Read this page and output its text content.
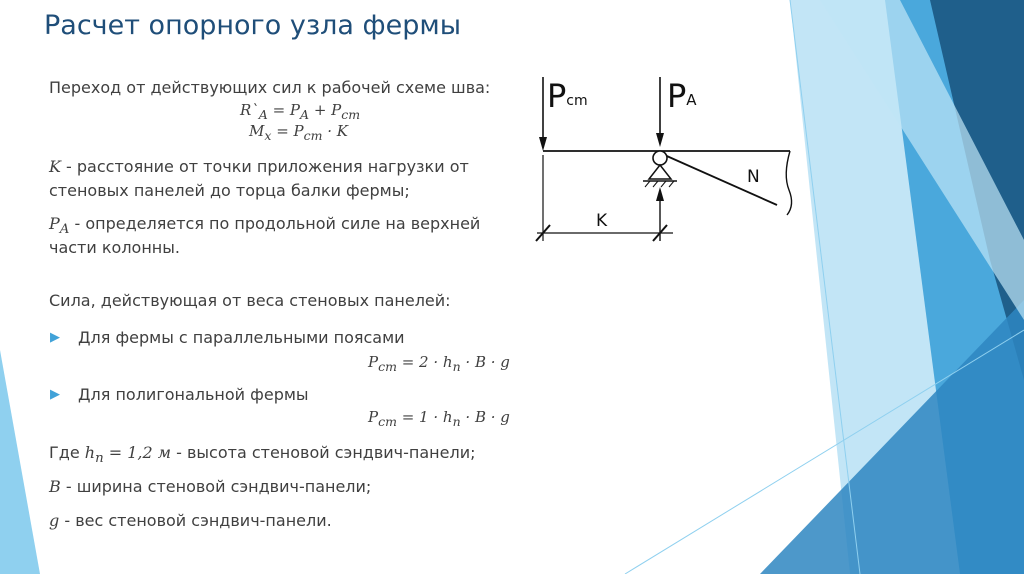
Расчет опорного узла фермы
Переход от действующих сил к рабочей схеме шва:
$R`_A = P_A + P_{cm}$
$M_x = P_{cm} \cdot K$
K - расстояние от точки приложения нагрузки от
стеновых панелей до торца балки фермы;
$P_A$ - определяется по продольной силе на верхней
части колонны.
Сила, действующая от веса стеновых панелей:
▶ Для фермы с параллельными поясами
$P_{cm} = 2 \cdot h_п \cdot B \cdot g$
▶ Для полигональной фермы
$P_{cm} = 1 \cdot h_п \cdot B \cdot g$
Где $h_п = 1,2$ м - высота стеновой сэндвич-панели;
B - ширина стеновой сэндвич-панели;
g - вес стеновой сэндвич-панели.
Pcm PA
N
K
